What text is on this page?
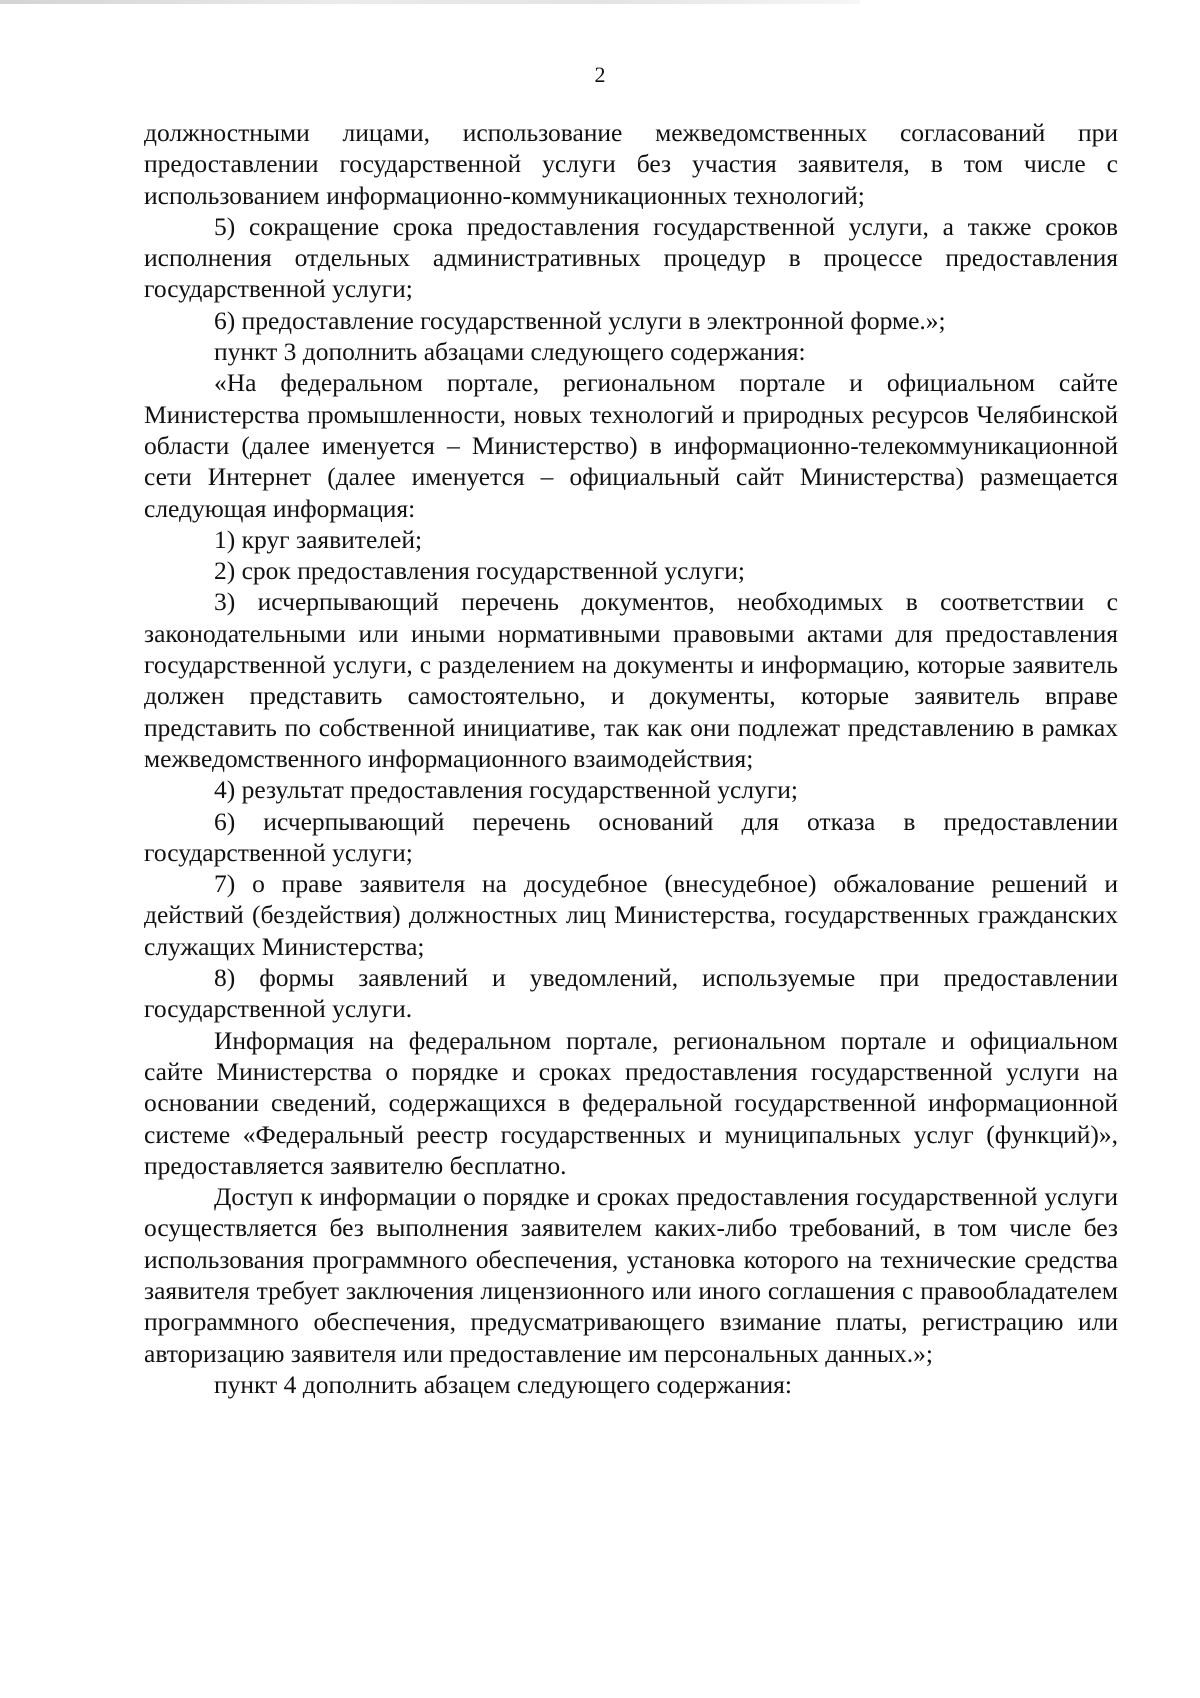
2

должностными лицами, использование межведомственных согласований при предоставлении государственной услуги без участия заявителя, в том числе с использованием информационно-коммуникационных технологий;

5) сокращение срока предоставления государственной услуги, а также сроков исполнения отдельных административных процедур в процессе предоставления государственной услуги;

6) предоставление государственной услуги в электронной форме.»;

пункт 3 дополнить абзацами следующего содержания:

«На федеральном портале, региональном портале и официальном сайте Министерства промышленности, новых технологий и природных ресурсов Челябинской области (далее именуется – Министерство) в информационно-телекоммуникационной сети Интернет (далее именуется – официальный сайт Министерства) размещается следующая информация:

1) круг заявителей;

2) срок предоставления государственной услуги;

3) исчерпывающий перечень документов, необходимых в соответствии с законодательными или иными нормативными правовыми актами для предоставления государственной услуги, с разделением на документы и информацию, которые заявитель должен представить самостоятельно, и документы, которые заявитель вправе представить по собственной инициативе, так как они подлежат представлению в рамках межведомственного информационного взаимодействия;

4) результат предоставления государственной услуги;

6) исчерпывающий перечень оснований для отказа в предоставлении государственной услуги;

7) о праве заявителя на досудебное (внесудебное) обжалование решений и действий (бездействия) должностных лиц Министерства, государственных гражданских служащих Министерства;

8) формы заявлений и уведомлений, используемые при предоставлении государственной услуги.

Информация на федеральном портале, региональном портале и официальном сайте Министерства о порядке и сроках предоставления государственной услуги на основании сведений, содержащихся в федеральной государственной информационной системе «Федеральный реестр государственных и муниципальных услуг (функций)», предоставляется заявителю бесплатно.

Доступ к информации о порядке и сроках предоставления государственной услуги осуществляется без выполнения заявителем каких-либо требований, в том числе без использования программного обеспечения, установка которого на технические средства заявителя требует заключения лицензионного или иного соглашения с правообладателем программного обеспечения, предусматривающего взимание платы, регистрацию или авторизацию заявителя или предоставление им персональных данных.»;

пункт 4 дополнить абзацем следующего содержания:
